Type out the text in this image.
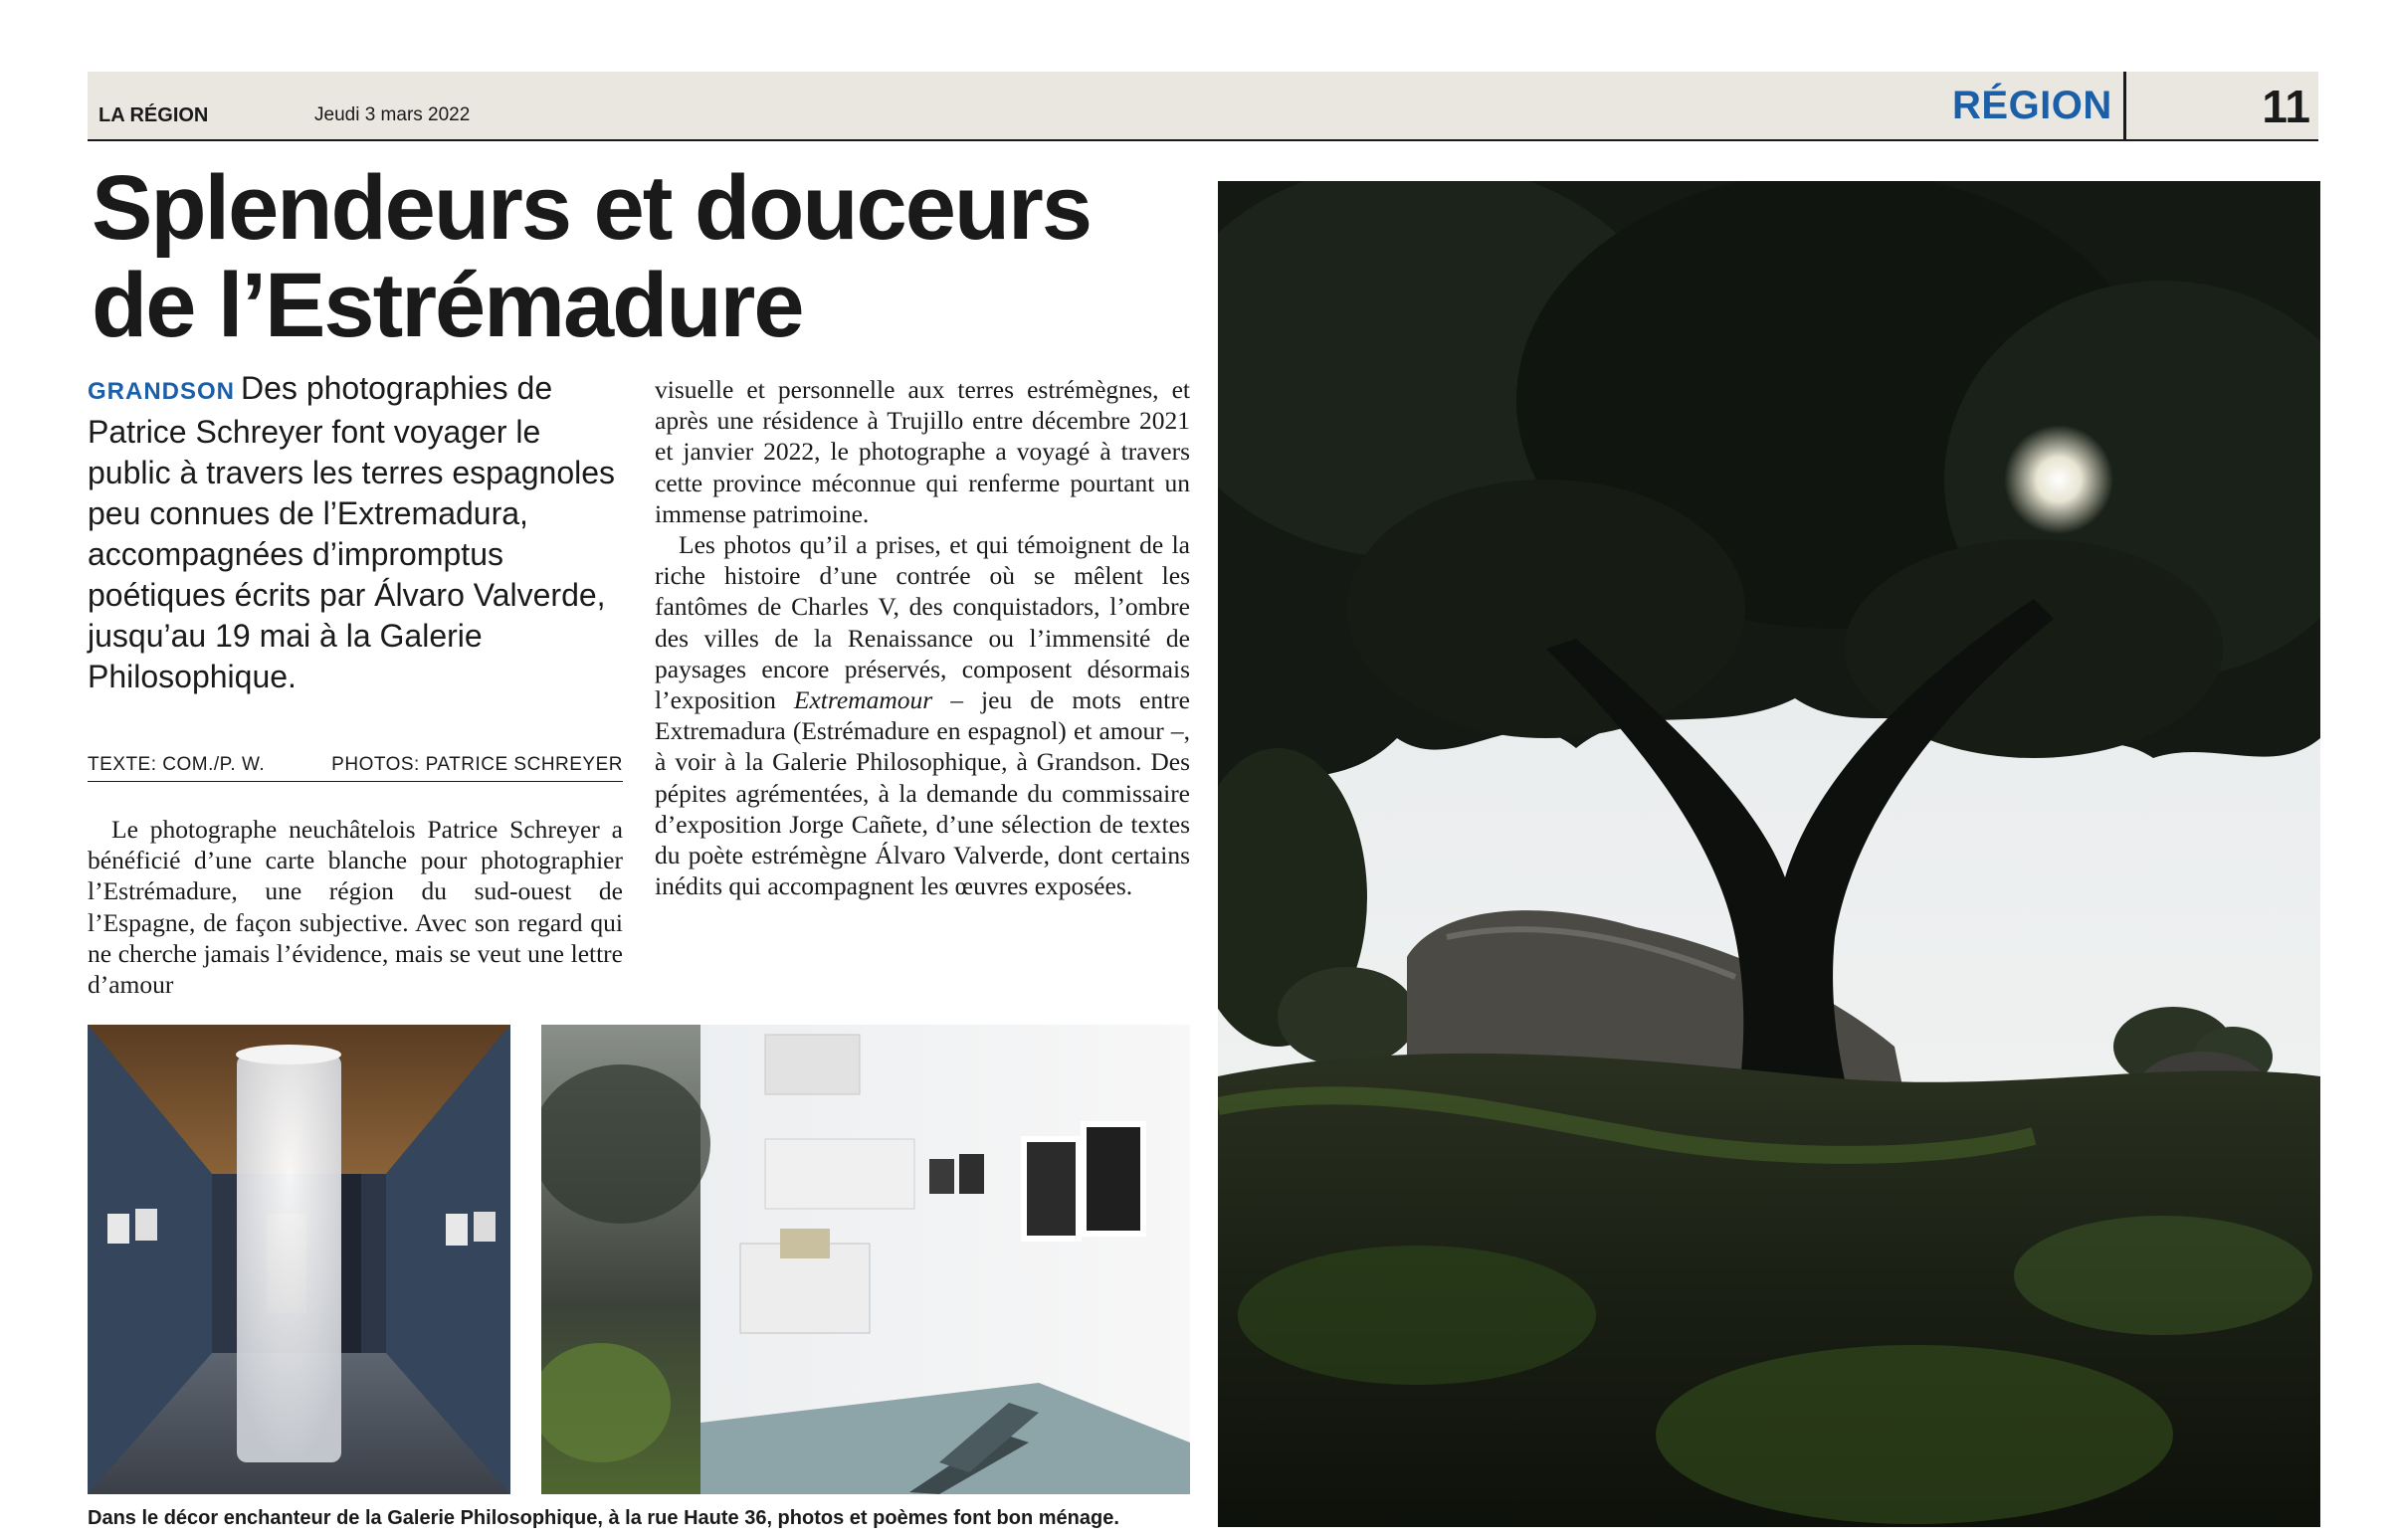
LA RÉGION	Jeudi 3 mars 2022	RÉGION	11
Splendeurs et douceurs
de l’Estrémadure
GRANDSON Des photographies de Patrice Schreyer font voyager le public à travers les terres espagnoles peu connues de l’Extremadura, accompagnées d’impromptus poétiques écrits par Álvaro Valverde, jusqu’au 19 mai à la Galerie Philosophique.
TEXTE: COM./P. W.	PHOTOS: PATRICE SCHREYER

Le photographe neuchâtelois Patrice Schreyer a bénéficié d’une carte blanche pour photographier l’Estrémadure, une région du sud-ouest de l’Espagne, de façon subjective. Avec son regard qui ne cherche jamais l’évidence, mais se veut une lettre d’amour

visuelle et personnelle aux terres estrémègnes, et après une résidence à Trujillo entre décembre 2021 et janvier 2022, le photographe a voyagé à travers cette province méconnue qui renferme pourtant un immense patrimoine.

Les photos qu’il a prises, et qui témoignent de la riche histoire d’une contrée où se mêlent les fantômes de Charles V, des conquistadors, l’ombre des villes de la Renaissance ou l’immensité de paysages encore préservés, composent désormais l’exposition Extremamour – jeu de mots entre Extremadura (Estrémadure en espagnol) et amour –, à voir à la Galerie Philosophique, à Grandson. Des pépites agrémentées, à la demande du commissaire d’exposition Jorge Cañete, d’une sélection de textes du poète estrémègne Álvaro Valverde, dont certains inédits qui accompagnent les œuvres exposées.

Dans le décor enchanteur de la Galerie Philosophique, à la rue Haute 36, photos et poèmes font bon ménage.
